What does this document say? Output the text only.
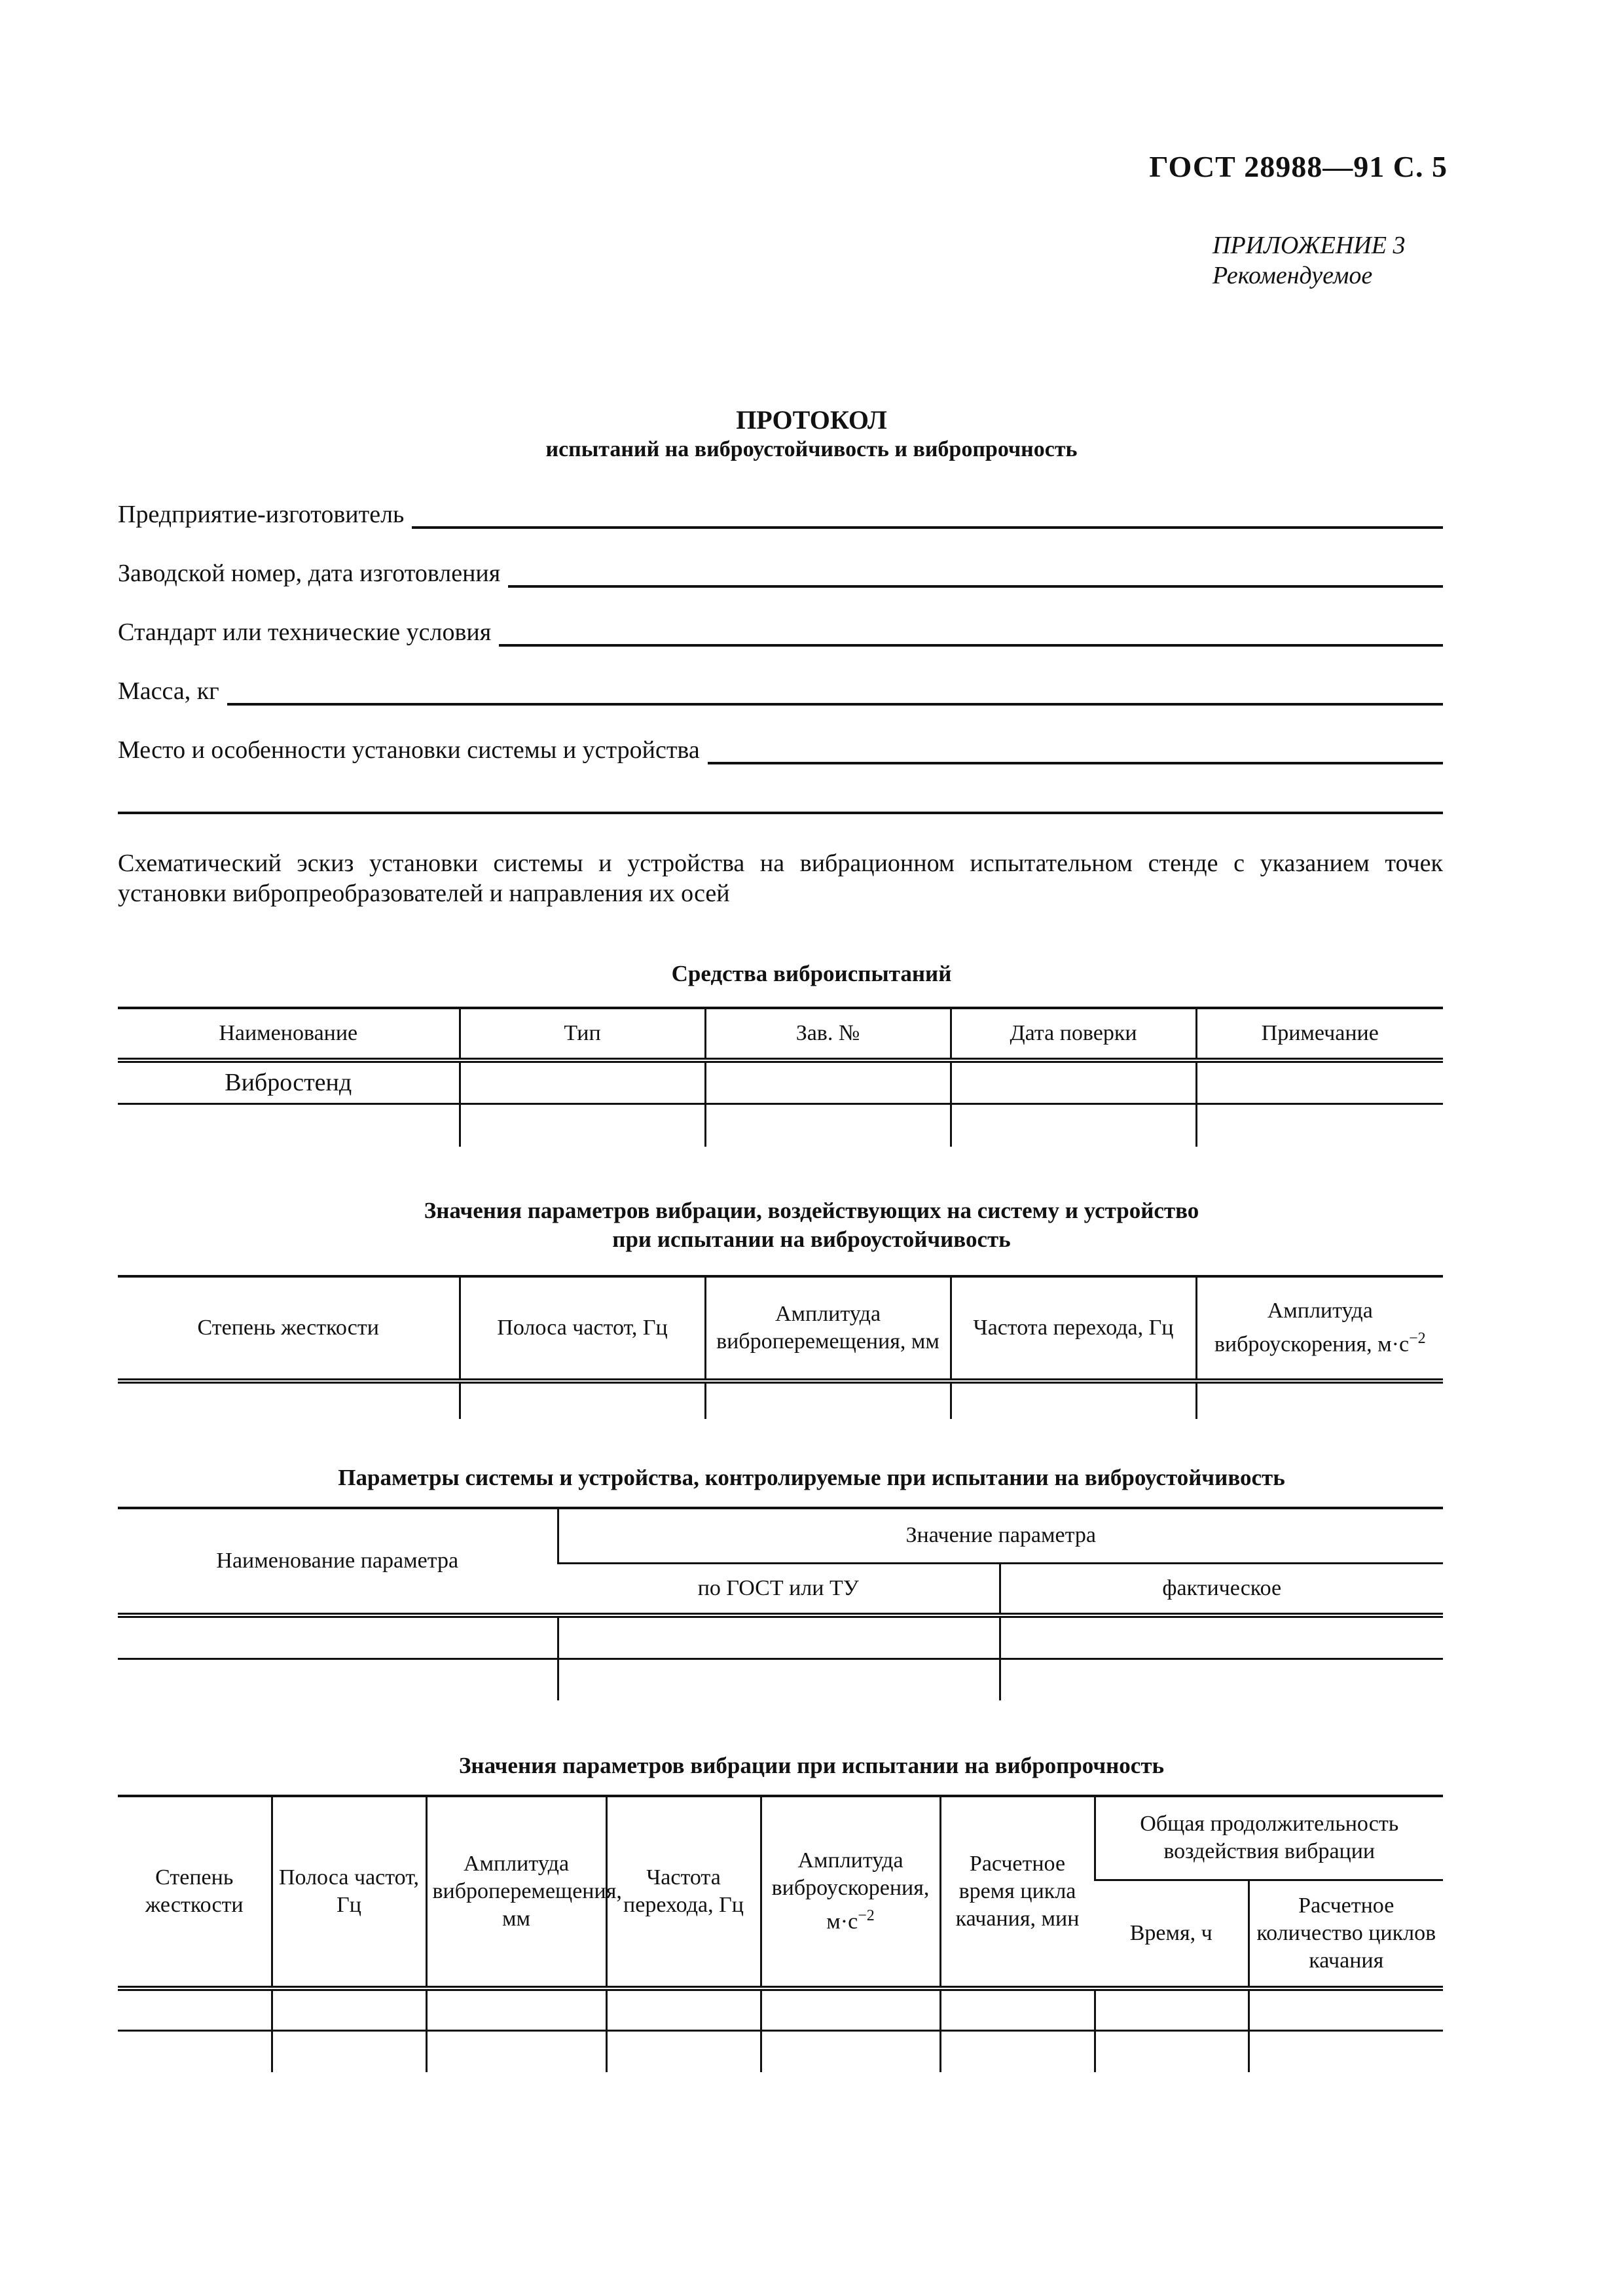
ГОСТ 28988—91 С. 5
ПРИЛОЖЕНИЕ 3
Рекомендуемое
ПРОТОКОЛ
испытаний на виброустойчивость и вибропрочность
Предприятие-изготовитель
Заводской номер, дата изготовления
Стандарт или технические условия
Масса, кг
Место и особенности установки системы и устройства
Схематический эскиз установки системы и устройства на вибрационном испытательном стенде с указанием точек установки вибропреобразователей и направления их осей
Средства виброиспытаний
Наименование	Тип	Зав. №	Дата поверки	Примечание
Вибростенд				

Значения параметров вибрации, воздействующих на систему и устройство
при испытании на виброустойчивость
Степень жесткости	Полоса частот, Гц	Амплитуда виброперемещения, мм	Частота перехода, Гц	Амплитуда виброускорения, $м\cdot с^{-2}$

Параметры системы и устройства, контролируемые при испытании на виброустойчивость
Наименование параметра	Значение параметра	
	по ГОСТ или ТУ	фактическое

Значения параметров вибрации при испытании на вибропрочность
Степень жесткости	Полоса частот, Гц	Амплитуда виброперемещения, мм	Частота перехода, Гц	Амплитуда виброускорения, $м\cdot с^{-2}$	Расчетное время цикла качания, мин	Общая продолжительность воздействия вибрации	
						Время, ч	Расчетное количество циклов качания
